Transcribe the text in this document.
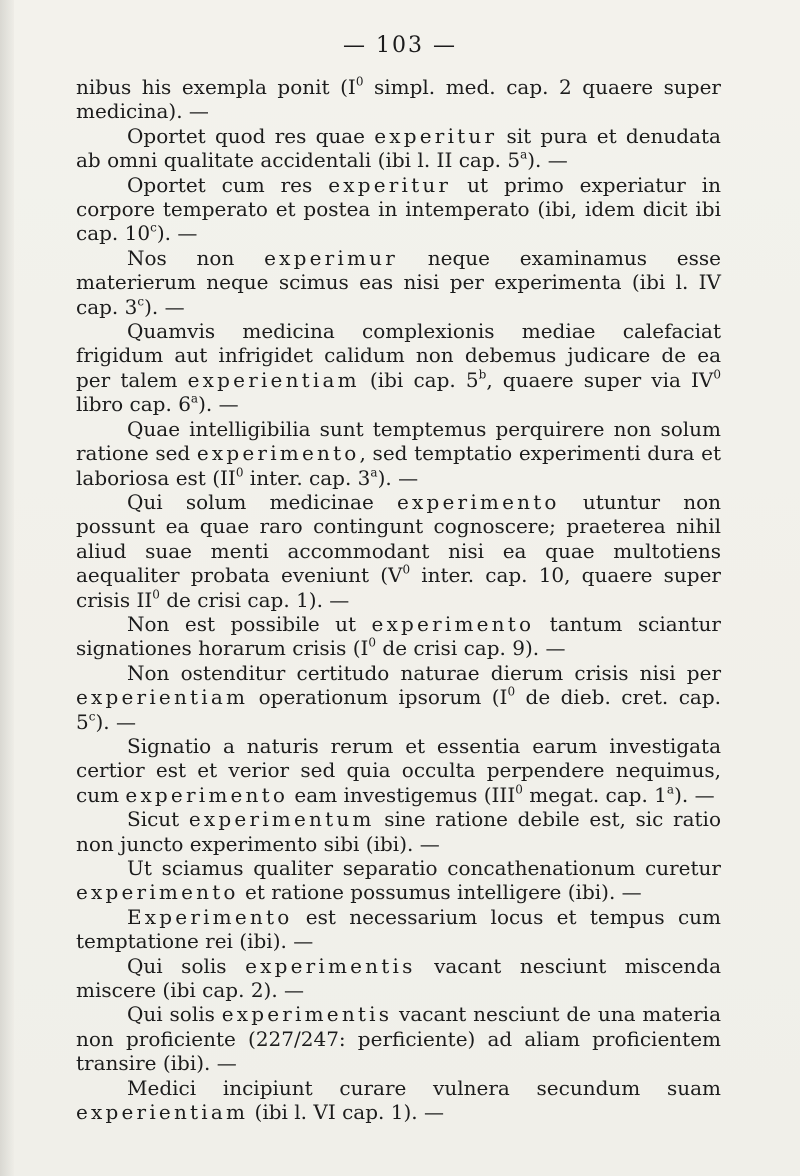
— 103 —

nibus his exempla ponit ($I^0$ simpl. med. cap. 2 quaere super medicina). —

Oportet quod res quae experitur sit pura et denudata ab omni qualitate accidentali (ibi l. II cap. 5$^a$). —

Oportet cum res experitur ut primo experiatur in corpore temperato et postea in intemperato (ibi, idem dicit ibi cap. 10$^c$). —

Nos non experimur neque examinamus esse materierum neque scimus eas nisi per experimenta (ibi l. IV cap. 3$^c$). —

Quamvis medicina complexionis mediae calefaciat frigidum aut infrigidet calidum non debemus judicare de ea per talem experientiam (ibi cap. 5$^b$, quaere super via $IV^0$ libro cap. 6$^a$). —

Quae intelligibilia sunt temptemus perquirere non solum ratione sed experimento, sed temptatio experimenti dura et laboriosa est ($II^0$ inter. cap. 3$^a$). —

Qui solum medicinae experimento utuntur non possunt ea quae raro contingunt cognoscere; praeterea nihil aliud suae menti accommodant nisi ea quae multotiens aequaliter probata eveniunt ($V^0$ inter. cap. 10, quaere super crisis $II^0$ de crisi cap. 1). —

Non est possibile ut experimento tantum sciantur signationes horarum crisis ($I^0$ de crisi cap. 9). —

Non ostenditur certitudo naturae dierum crisis nisi per experientiam operationum ipsorum ($I^0$ de dieb. cret. cap. 5$^c$). —

Signatio a naturis rerum et essentia earum investigata certior est et verior sed quia occulta perpendere nequimus, cum experimento eam investigemus (III$^0$ megat. cap. 1$^a$). —

Sicut experimentum sine ratione debile est, sic ratio non juncto experimento sibi (ibi). —

Ut sciamus qualiter separatio concathenationum curetur experimento et ratione possumus intelligere (ibi). —

Experimento est necessarium locus et tempus cum temptatione rei (ibi). —

Qui solis experimentis vacant nesciunt miscenda miscere (ibi cap. 2). —

Qui solis experimentis vacant nesciunt de una materia non proficiente (227/247: perficiente) ad aliam proficientem transire (ibi). —

Medici incipiunt curare vulnera secundum suam experientiam (ibi l. VI cap. 1). —
